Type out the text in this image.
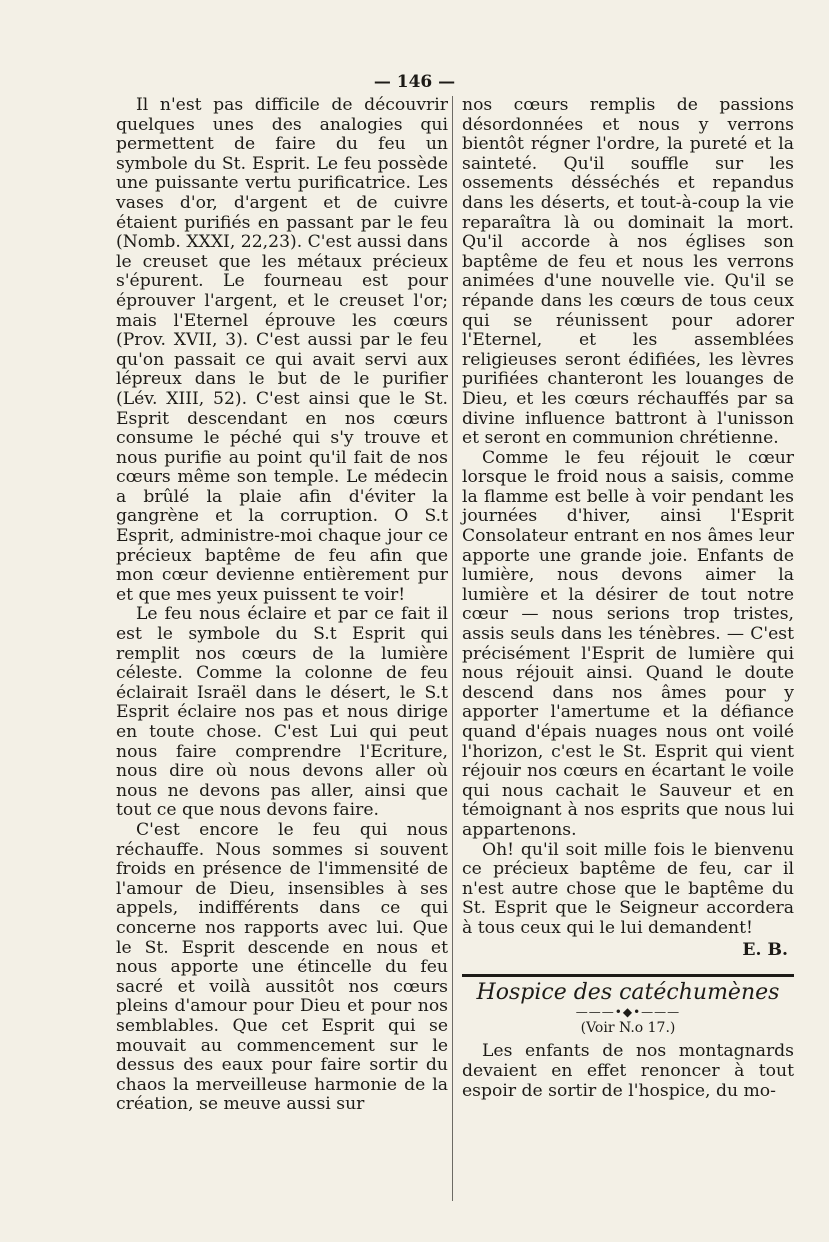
— 146 —

Il n'est pas difficile de découvrir quelques unes des analogies qui permettent de faire du feu un symbole du St. Esprit. Le feu possède une puissante vertu purificatrice. Les vases d'or, d'argent et de cuivre étaient purifiés en passant par le feu (Nomb. XXXI, 22,23). C'est aussi dans le creuset que les métaux précieux s'épurent. Le fourneau est pour éprouver l'argent, et le creuset l'or; mais l'Eternel éprouve les cœurs (Prov. XVII, 3). C'est aussi par le feu qu'on passait ce qui avait servi aux lépreux dans le but de le purifier (Lév. XIII, 52). C'est ainsi que le St. Esprit descendant en nos cœurs consume le péché qui s'y trouve et nous purifie au point qu'il fait de nos cœurs même son temple. Le médecin a brûlé la plaie afin d'éviter la gangrène et la corruption. O S.t Esprit, administre-moi chaque jour ce précieux baptême de feu afin que mon cœur devienne entièrement pur et que mes yeux puissent te voir!

Le feu nous éclaire et par ce fait il est le symbole du S.t Esprit qui remplit nos cœurs de la lumière céleste. Comme la colonne de feu éclairait Israël dans le désert, le S.t Esprit éclaire nos pas et nous dirige en toute chose. C'est Lui qui peut nous faire comprendre l'Ecriture, nous dire où nous devons aller où nous ne devons pas aller, ainsi que tout ce que nous devons faire.

C'est encore le feu qui nous réchauffe. Nous sommes si souvent froids en présence de l'immensité de l'amour de Dieu, insensibles à ses appels, indifférents dans ce qui concerne nos rapports avec lui. Que le St. Esprit descende en nous et nous apporte une étincelle du feu sacré et voilà aussitôt nos cœurs pleins d'amour pour Dieu et pour nos semblables. Que cet Esprit qui se mouvait au commencement sur le dessus des eaux pour faire sortir du chaos la merveilleuse harmonie de la création, se meuve aussi sur

nos cœurs remplis de passions désordonnées et nous y verrons bientôt régner l'ordre, la pureté et la sainteté. Qu'il souffle sur les ossements désséchés et repandus dans les déserts, et tout-à-coup la vie reparaîtra là ou dominait la mort. Qu'il accorde à nos églises son baptême de feu et nous les verrons animées d'une nouvelle vie. Qu'il se répande dans les cœurs de tous ceux qui se réunissent pour adorer l'Eternel, et les assemblées religieuses seront édifiées, les lèvres purifiées chanteront les louanges de Dieu, et les cœurs réchauffés par sa divine influence battront à l'unisson et seront en communion chrétienne.

Comme le feu réjouit le cœur lorsque le froid nous a saisis, comme la flamme est belle à voir pendant les journées d'hiver, ainsi l'Esprit Consolateur entrant en nos âmes leur apporte une grande joie. Enfants de lumière, nous devons aimer la lumière et la désirer de tout notre cœur — nous serions trop tristes, assis seuls dans les ténèbres. — C'est précisément l'Esprit de lumière qui nous réjouit ainsi. Quand le doute descend dans nos âmes pour y apporter l'amertume et la défiance quand d'épais nuages nous ont voilé l'horizon, c'est le St. Esprit qui vient réjouir nos cœurs en écartant le voile qui nous cachait le Sauveur et en témoignant à nos esprits que nous lui appartenons.

Oh! qu'il soit mille fois le bienvenu ce précieux baptême de feu, car il n'est autre chose que le baptême du St. Esprit que le Seigneur accordera à tous ceux qui le lui demandent!

E. B.
Hospice des catéchumènes
———•◆•———
(Voir N.o 17.)

Les enfants de nos montagnards devaient en effet renoncer à tout espoir de sortir de l'hospice, du mo-
